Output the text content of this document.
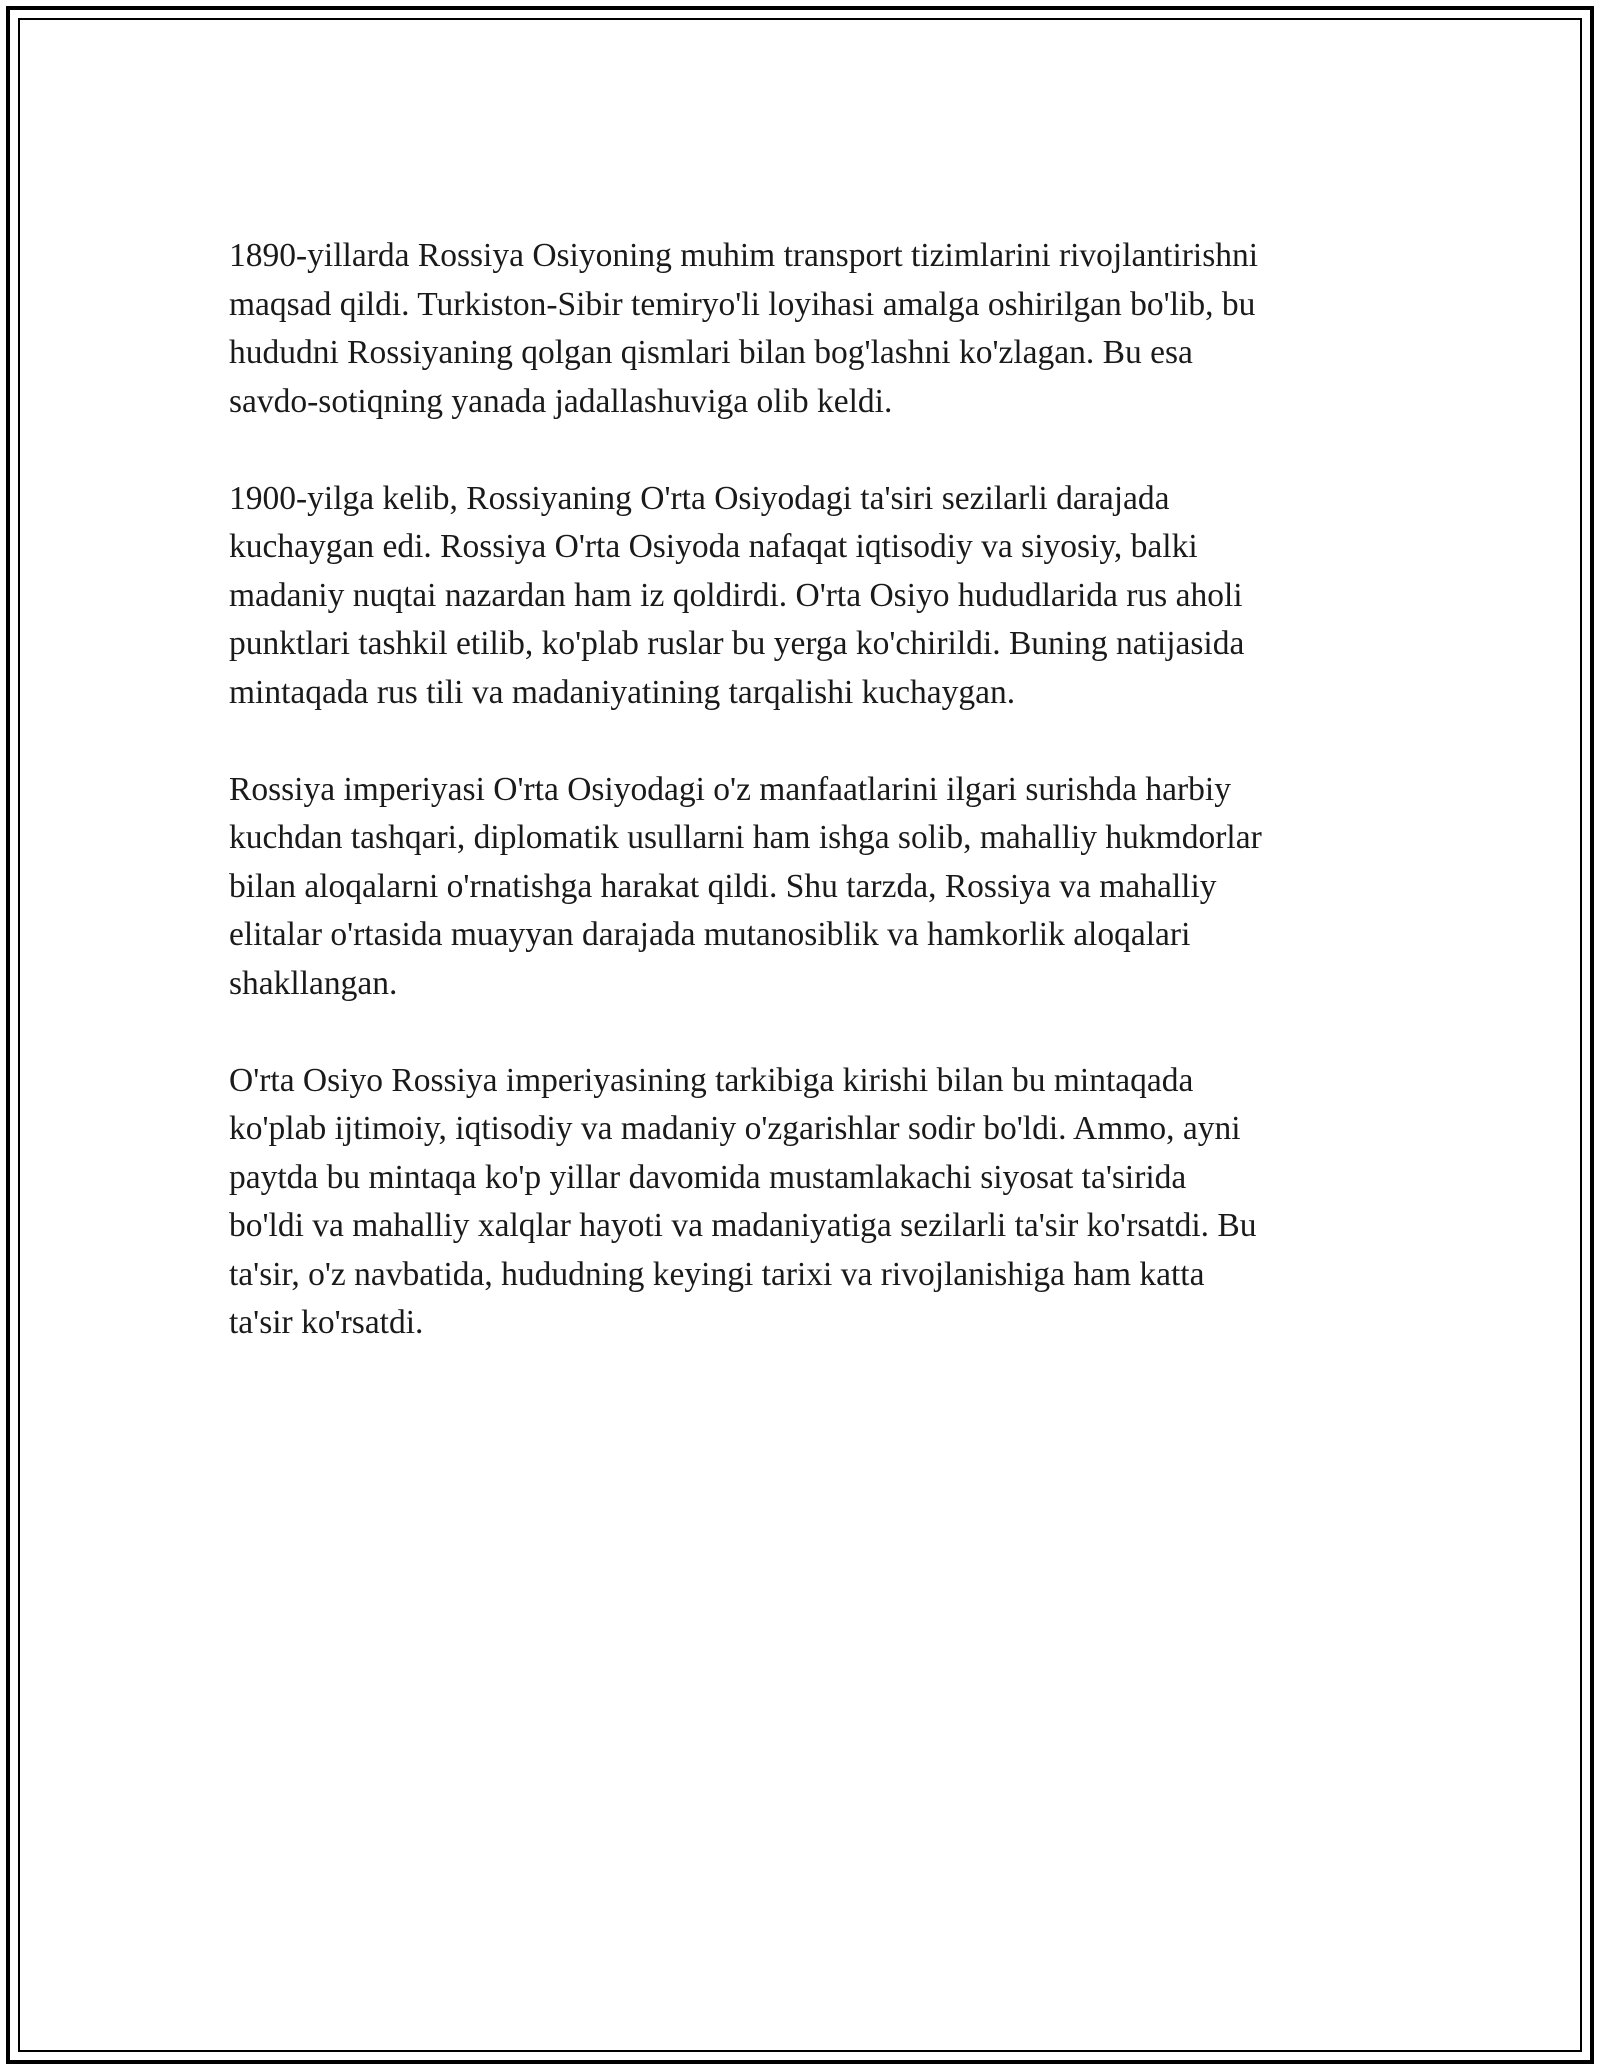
1890-yillarda Rossiya Osiyoning muhim transport tizimlarini rivojlantirishni
maqsad qildi. Turkiston-Sibir temiryo'li loyihasi amalga oshirilgan bo'lib, bu
hududni Rossiyaning qolgan qismlari bilan bog'lashni ko'zlagan. Bu esa
savdo-sotiqning yanada jadallashuviga olib keldi.

1900-yilga kelib, Rossiyaning O'rta Osiyodagi ta'siri sezilarli darajada
kuchaygan edi. Rossiya O'rta Osiyoda nafaqat iqtisodiy va siyosiy, balki
madaniy nuqtai nazardan ham iz qoldirdi. O'rta Osiyo hududlarida rus aholi
punktlari tashkil etilib, ko'plab ruslar bu yerga ko'chirildi. Buning natijasida
mintaqada rus tili va madaniyatining tarqalishi kuchaygan.

Rossiya imperiyasi O'rta Osiyodagi o'z manfaatlarini ilgari surishda harbiy
kuchdan tashqari, diplomatik usullarni ham ishga solib, mahalliy hukmdorlar
bilan aloqalarni o'rnatishga harakat qildi. Shu tarzda, Rossiya va mahalliy
elitalar o'rtasida muayyan darajada mutanosiblik va hamkorlik aloqalari
shakllangan.

O'rta Osiyo Rossiya imperiyasining tarkibiga kirishi bilan bu mintaqada
ko'plab ijtimoiy, iqtisodiy va madaniy o'zgarishlar sodir bo'ldi. Ammo, ayni
paytda bu mintaqa ko'p yillar davomida mustamlakachi siyosat ta'sirida
bo'ldi va mahalliy xalqlar hayoti va madaniyatiga sezilarli ta'sir ko'rsatdi. Bu
ta'sir, o'z navbatida, hududning keyingi tarixi va rivojlanishiga ham katta
ta'sir ko'rsatdi.
